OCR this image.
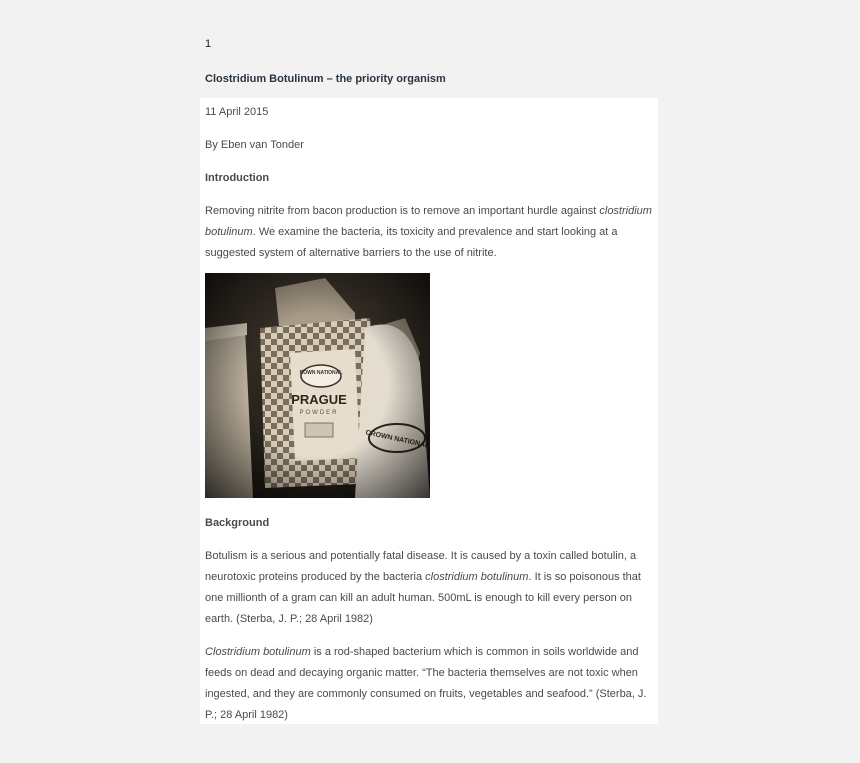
1
Clostridium Botulinum – the priority organism

11 April 2015

By Eben van Tonder

Introduction

Removing nitrite from bacon production is to remove an important hurdle against clostridium botulinum. We examine the bacteria, its toxicity and prevalence and start looking at a suggested system of alternative barriers to the use of nitrite.

Background

Botulism is a serious and potentially fatal disease. It is caused by a toxin called botulin, a neurotoxic proteins produced by the bacteria clostridium botulinum. It is so poisonous that one millionth of a gram can kill an adult human. 500mL is enough to kill every person on earth. (Sterba, J. P.; 28 April 1982)

Clostridium botulinum is a rod-shaped bacterium which is common in soils worldwide and feeds on dead and decaying organic matter. “The bacteria themselves are not toxic when ingested, and they are commonly consumed on fruits, vegetables and seafood.” (Sterba, J. P.; 28 April 1982)
